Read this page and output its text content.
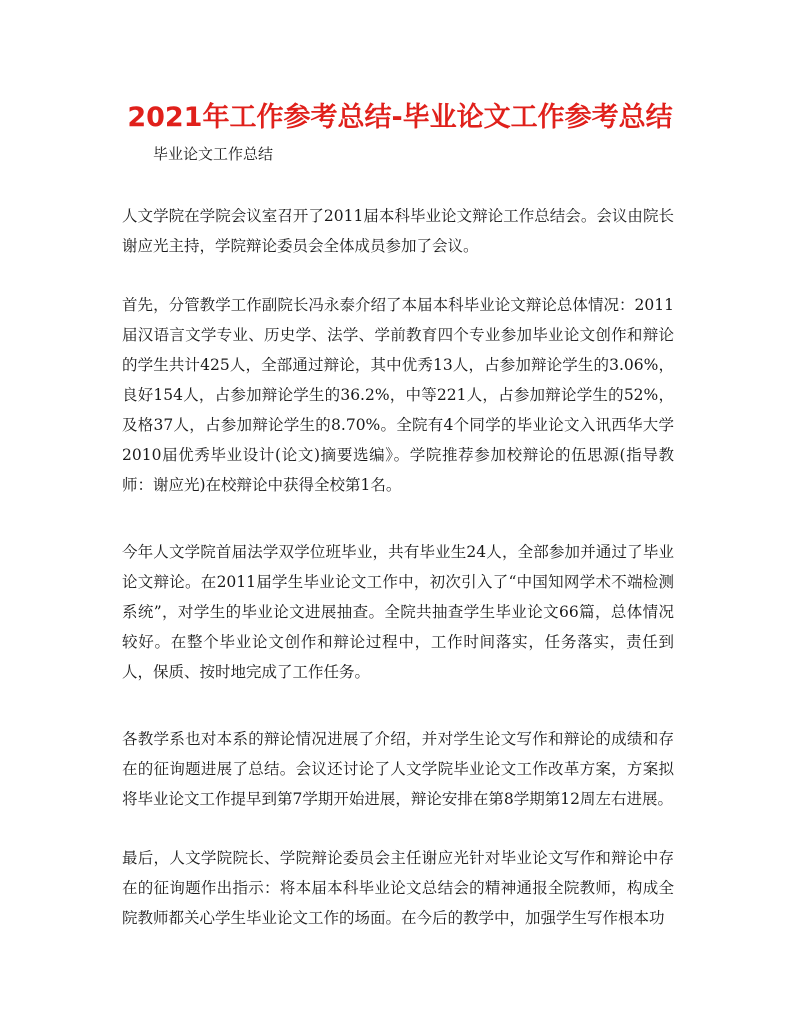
2021年工作参考总结-毕业论文工作参考总结

毕业论文工作总结

人文学院在学院会议室召开了2011届本科毕业论文辩论工作总结会。会议由院长谢应光主持，学院辩论委员会全体成员参加了会议。

首先，分管教学工作副院长冯永泰介绍了本届本科毕业论文辩论总体情况：2011届汉语言文学专业、历史学、法学、学前教育四个专业参加毕业论文创作和辩论的学生共计425人，全部通过辩论，其中优秀13人，占参加辩论学生的3.06%，良好154人，占参加辩论学生的36.2%，中等221人，占参加辩论学生的52%，及格37人，占参加辩论学生的8.70%。全院有4个同学的毕业论文入讯西华大学2010届优秀毕业设计(论文)摘要选编》。学院推荐参加校辩论的伍思源(指导教师：谢应光)在校辩论中获得全校第1名。

今年人文学院首届法学双学位班毕业，共有毕业生24人，全部参加并通过了毕业论文辩论。在2011届学生毕业论文工作中，初次引入了“中国知网学术不端检测系统”，对学生的毕业论文进展抽查。全院共抽查学生毕业论文66篇，总体情况较好。在整个毕业论文创作和辩论过程中，工作时间落实，任务落实，责任到人，保质、按时地完成了工作任务。

各教学系也对本系的辩论情况进展了介绍，并对学生论文写作和辩论的成绩和存在的征询题进展了总结。会议还讨论了人文学院毕业论文工作改革方案，方案拟将毕业论文工作提早到第7学期开始进展，辩论安排在第8学期第12周左右进展。

最后，人文学院院长、学院辩论委员会主任谢应光针对毕业论文写作和辩论中存在的征询题作出指示：将本届本科毕业论文总结会的精神通报全院教师，构成全院教师都关心学生毕业论文工作的场面。在今后的教学中，加强学生写作根本功
